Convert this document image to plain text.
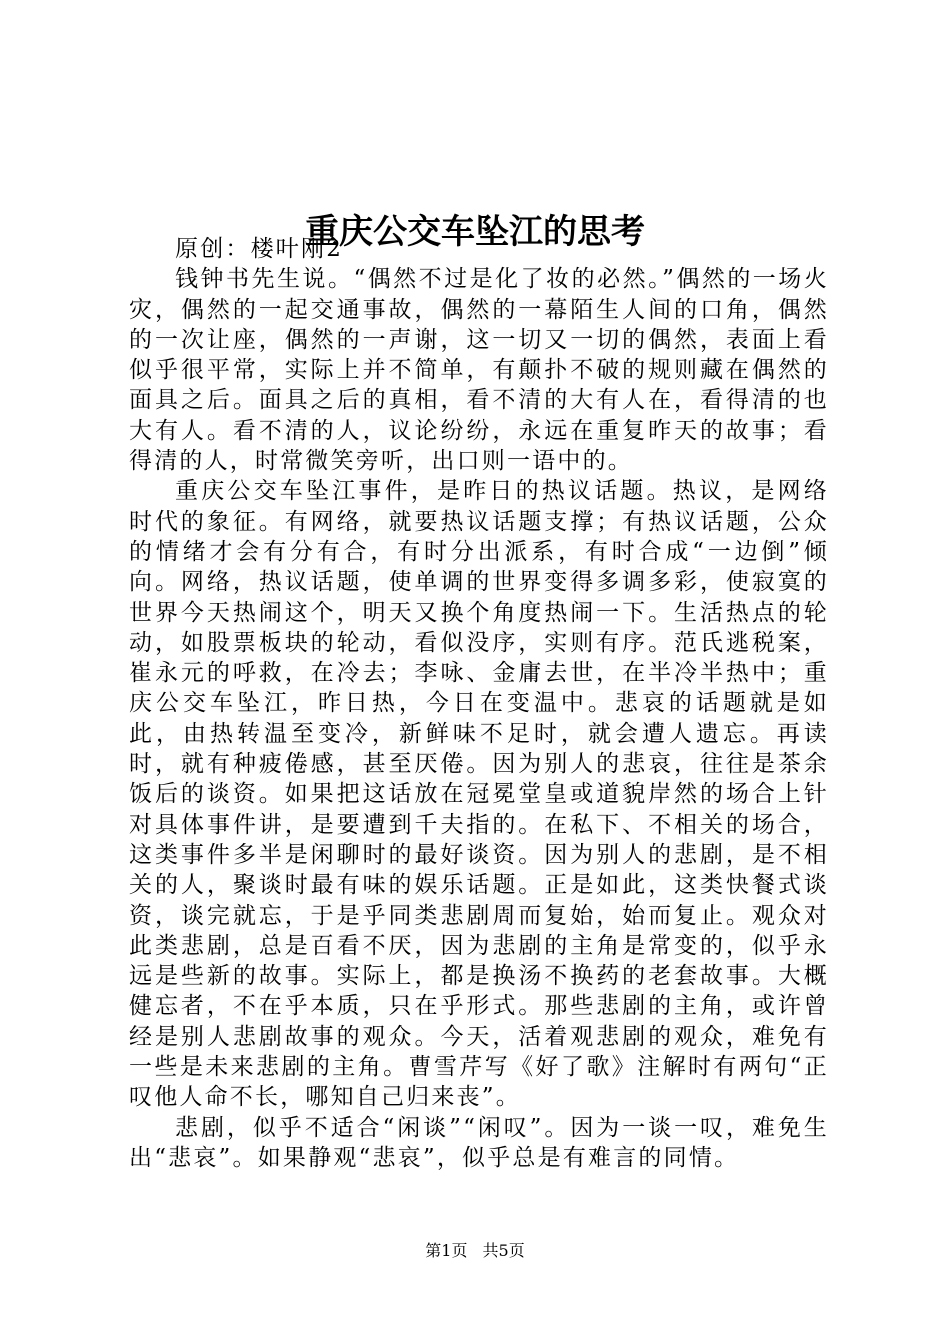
重庆公交车坠江的思考

原创：楼叶刚2

钱钟书先生说。“偶然不过是化了妆的必然。”偶然的一场火灾，偶然的一起交通事故，偶然的一幕陌生人间的口角，偶然的一次让座，偶然的一声谢，这一切又一切的偶然，表面上看似乎很平常，实际上并不简单，有颠扑不破的规则藏在偶然的面具之后。面具之后的真相，看不清的大有人在，看得清的也大有人。看不清的人，议论纷纷，永远在重复昨天的故事；看得清的人，时常微笑旁听，出口则一语中的。

重庆公交车坠江事件，是昨日的热议话题。热议，是网络时代的象征。有网络，就要热议话题支撑；有热议话题，公众的情绪才会有分有合，有时分出派系，有时合成“一边倒”倾向。网络，热议话题，使单调的世界变得多调多彩，使寂寞的世界今天热闹这个，明天又换个角度热闹一下。生活热点的轮动，如股票板块的轮动，看似没序，实则有序。范氏逃税案，崔永元的呼救，在冷去；李咏、金庸去世，在半冷半热中；重庆公交车坠江，昨日热，今日在变温中。悲哀的话题就是如此，由热转温至变冷，新鲜味不足时，就会遭人遗忘。再读时，就有种疲倦感，甚至厌倦。因为别人的悲哀，往往是茶余饭后的谈资。如果把这话放在冠冕堂皇或道貌岸然的场合上针对具体事件讲，是要遭到千夫指的。在私下、不相关的场合，这类事件多半是闲聊时的最好谈资。因为别人的悲剧，是不相关的人，聚谈时最有味的娱乐话题。正是如此，这类快餐式谈资，谈完就忘，于是乎同类悲剧周而复始，始而复止。观众对此类悲剧，总是百看不厌，因为悲剧的主角是常变的，似乎永远是些新的故事。实际上，都是换汤不换药的老套故事。大概健忘者，不在乎本质，只在乎形式。那些悲剧的主角，或许曾经是别人悲剧故事的观众。今天，活着观悲剧的观众，难免有一些是未来悲剧的主角。曹雪芹写《好了歌》注解时有两句“正叹他人命不长，哪知自己归来丧”。

悲剧，似乎不适合“闲谈”“闲叹”。因为一谈一叹，难免生出“悲哀”。如果静观“悲哀”，似乎总是有难言的同情。

第1页 共5页
